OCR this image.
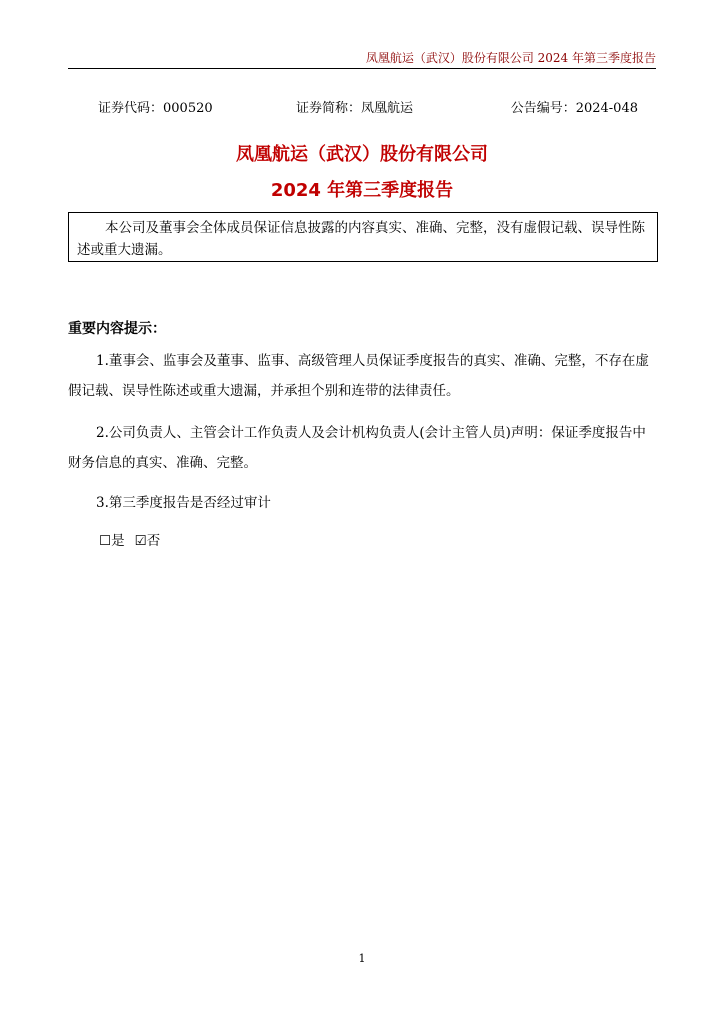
凤凰航运（武汉）股份有限公司 2024 年第三季度报告
证券代码：000520	证券简称：凤凰航运	公告编号：2024-048
凤凰航运（武汉）股份有限公司
2024 年第三季度报告
本公司及董事会全体成员保证信息披露的内容真实、准确、完整，没有虚假记载、误导性陈述或重大遗漏。
重要内容提示：
1.董事会、监事会及董事、监事、高级管理人员保证季度报告的真实、准确、完整，不存在虚假记载、误导性陈述或重大遗漏，并承担个别和连带的法律责任。
2.公司负责人、主管会计工作负责人及会计机构负责人(会计主管人员)声明：保证季度报告中财务信息的真实、准确、完整。
3.第三季度报告是否经过审计
☐是 ☑否
1
